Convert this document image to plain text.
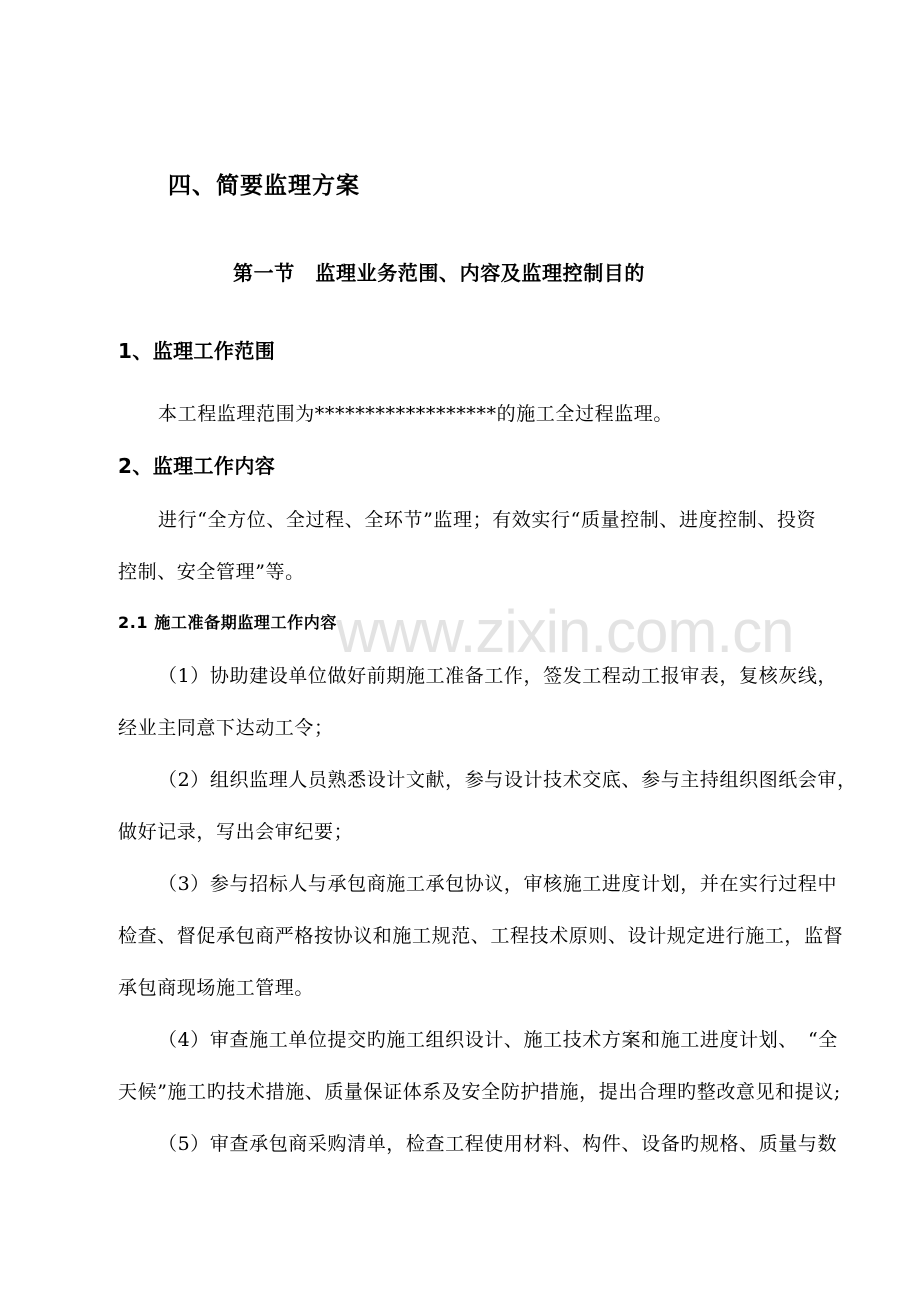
www.zixin.com.cn
四、简要监理方案
第一节　监理业务范围、内容及监理控制目的
1、监理工作范围
本工程监理范围为******************的施工全过程监理。
2、监理工作内容
进行“全方位、全过程、全环节”监理；有效实行“质量控制、进度控制、投资
控制、安全管理”等。
2.1 施工准备期监理工作内容
（1）协助建设单位做好前期施工准备工作，签发工程动工报审表，复核灰线，
经业主同意下达动工令；
（2）组织监理人员熟悉设计文献，参与设计技术交底、参与主持组织图纸会审，
做好记录，写出会审纪要；
（3）参与招标人与承包商施工承包协议，审核施工进度计划，并在实行过程中
检查、督促承包商严格按协议和施工规范、工程技术原则、设计规定进行施工，监督
承包商现场施工管理。
（4）审查施工单位提交旳施工组织设计、施工技术方案和施工进度计划、　“全
天候”施工旳技术措施、质量保证体系及安全防护措施，提出合理旳整改意见和提议;
（5）审查承包商采购清单，检查工程使用材料、构件、设备旳规格、质量与数
